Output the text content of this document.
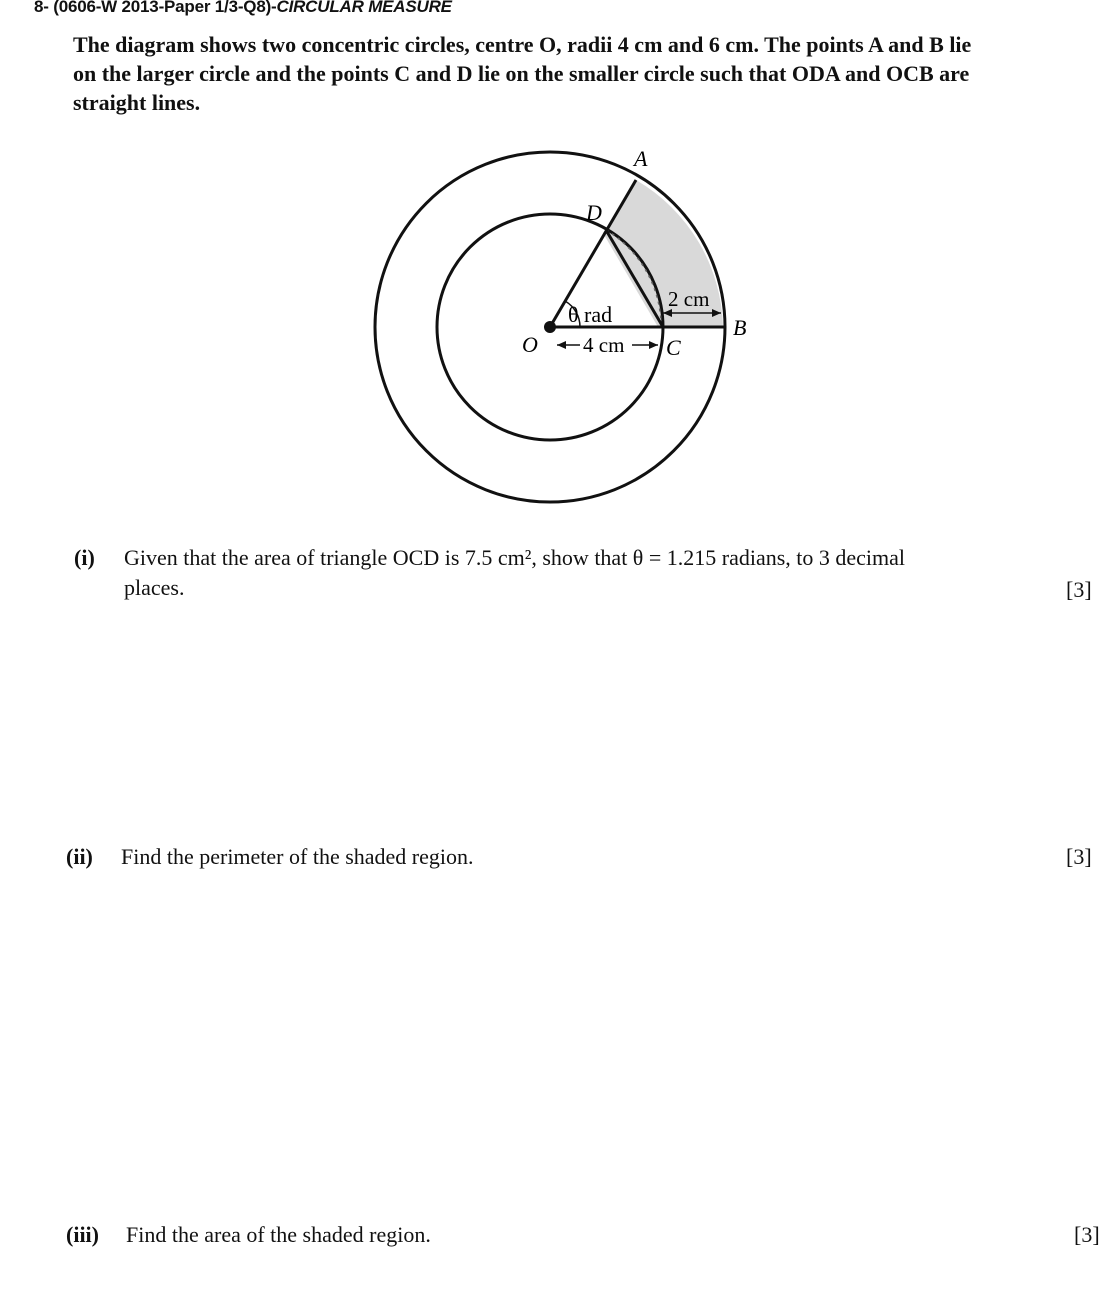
8- (0606-W 2013-Paper 1/3-Q8)-CIRCULAR MEASURE
The diagram shows two concentric circles, centre O, radii 4 cm and 6 cm. The points A and B lie
on the larger circle and the points C and D lie on the smaller circle such that ODA and OCB are
straight lines.
A
D
B
C
O
θ rad
4 cm
2 cm
(i) Given that the area of triangle OCD is 7.5 cm², show that θ = 1.215 radians, to 3 decimal
places.	[3]
(ii) Find the perimeter of the shaded region.	[3]
(iii) Find the area of the shaded region.	[3]
